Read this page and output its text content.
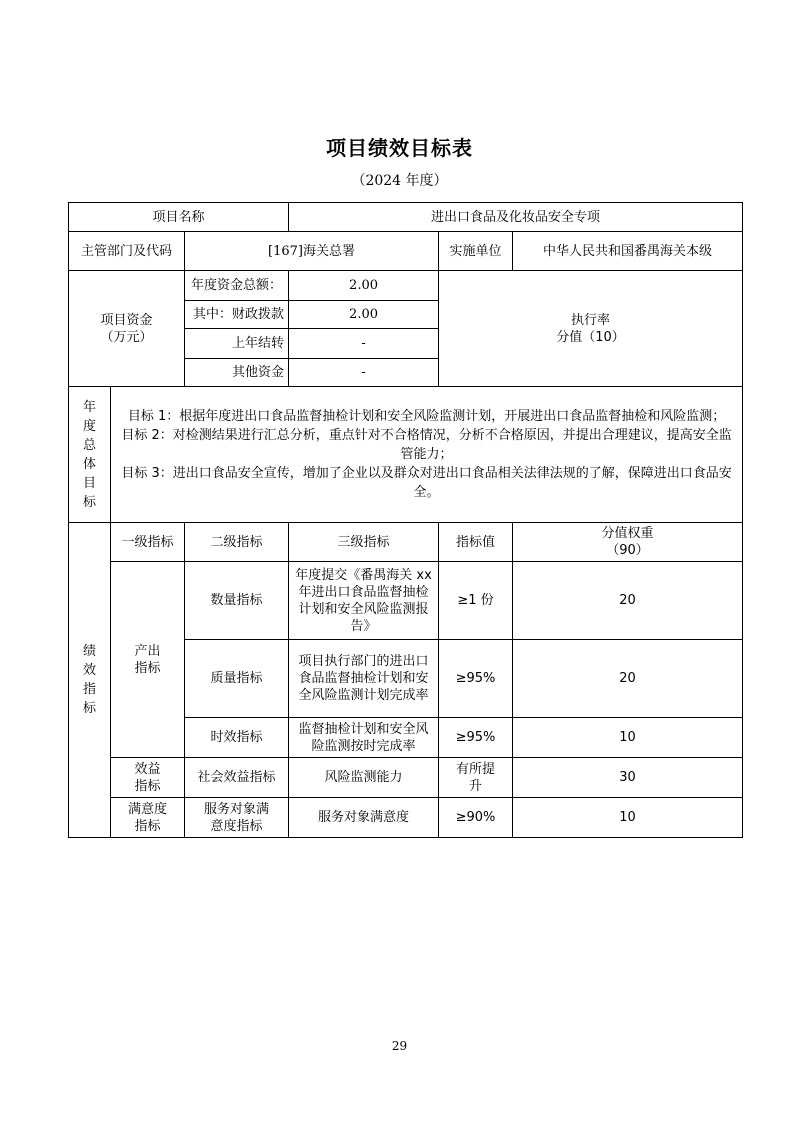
项目绩效目标表
（2024 年度）
项目名称			进出口食品及化妆品安全专项		
主管部门及代码		[167]海关总署		实施单位	中华人民共和国番禺海关本级
项目资金（万元）		年度资金总额：	2.00	执行率
分值（10）	

		其中：财政拨款	2.00		
		上年结转	-		
		其他资金	-		
年度总体目标	目标 1：根据年度进出口食品监督抽检计划和安全风险监测计划，开展进出口食品监督抽检和风险监测；
目标 2：对检测结果进行汇总分析，重点针对不合格情况，分析不合格原因，并提出合理建议，提高安全监管能力；
目标 3：进出口食品安全宣传，增加了企业以及群众对进出口食品相关法律法规的了解，保障进出口食品安全。				

绩效指标	一级指标	二级指标	三级指标	指标值	分值权重（90）
	产出指标	数量指标	年度提交《番禺海关 xx 年进出口食品监督抽检计划和安全风险监测报告》	≥1 份	20
		质量指标	项目执行部门的进出口食品监督抽检计划和安全风险监测计划完成率	≥95%	20
		时效指标	监督抽检计划和安全风险监测按时完成率	≥95%	10
	效益指标	社会效益指标	风险监测能力	有所提升	30
	满意度指标	服务对象满意度指标	服务对象满意度	≥90%	10
29
